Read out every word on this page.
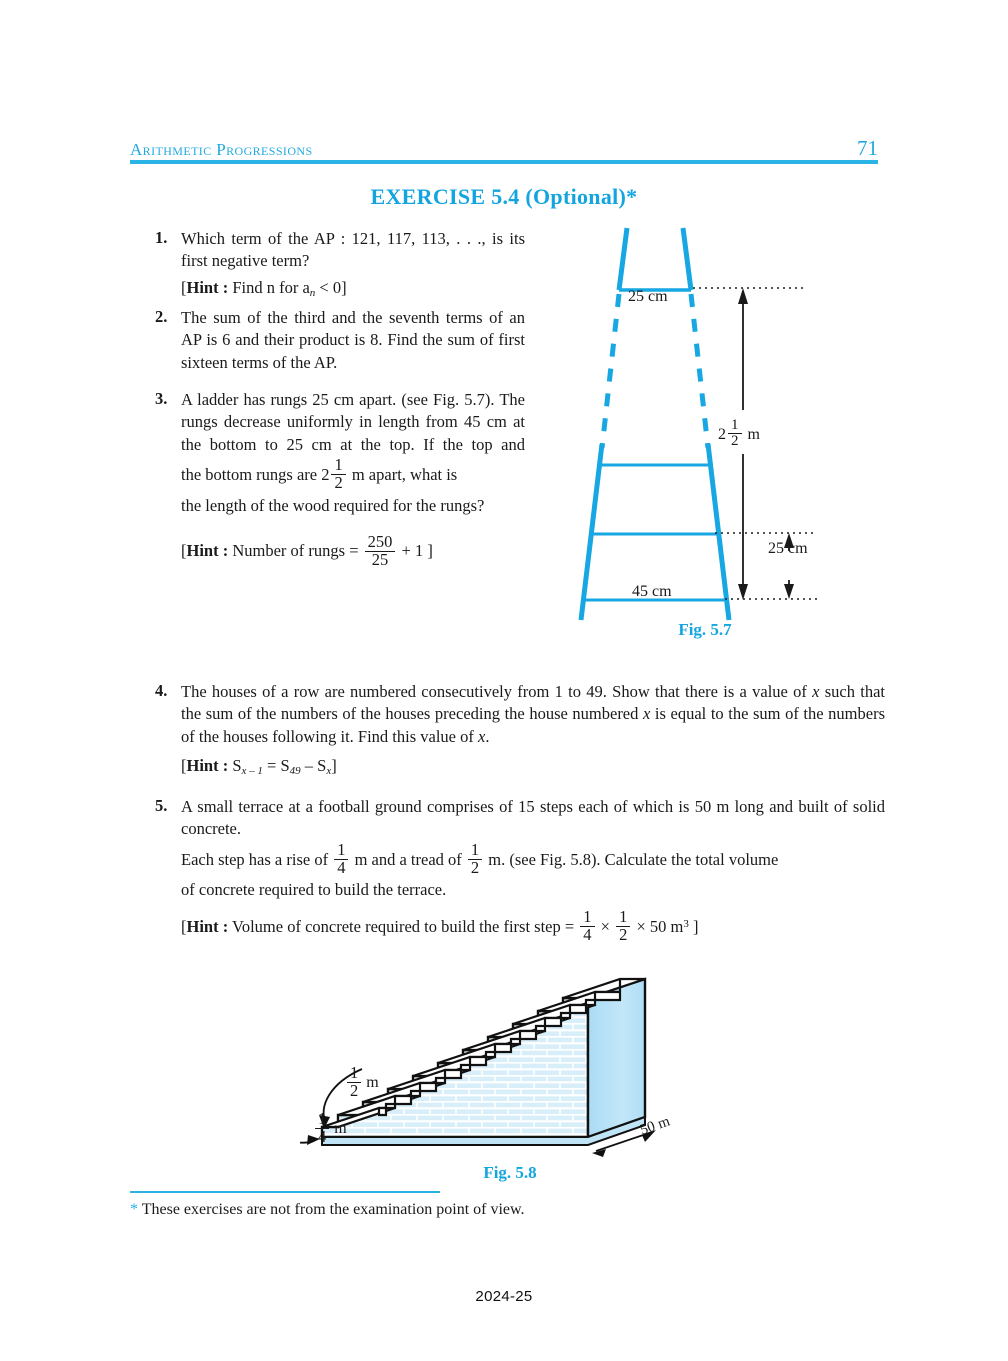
Arithmetic Progressions	71
EXERCISE 5.4 (Optional)*
1. Which term of the AP : 121, 117, 113, . . ., is its first negative term?
[Hint : Find n for $a_n < 0$]
2. The sum of the third and the seventh terms of an AP is 6 and their product is 8. Find the sum of first sixteen terms of the AP.
3. A ladder has rungs 25 cm apart. (see Fig. 5.7). The rungs decrease uniformly in length from 45 cm at the bottom to 25 cm at the top. If the top and
the bottom rungs are $2 \frac{1}{2}$ m apart, what is
the length of the wood required for the rungs?
[Hint : Number of rungs = $\frac{250}{25} + 1$ ]
25 cm
45 cm
25 cm
$2 \frac{1}{2}$ m
Fig. 5.7
4. The houses of a row are numbered consecutively from 1 to 49. Show that there is a value of x such that the sum of the numbers of the houses preceding the house numbered x is equal to the sum of the numbers of the houses following it. Find this value of x.
[Hint : $S_{x - 1} = S_{49} - S_x$]
5. A small terrace at a football ground comprises of 15 steps each of which is 50 m long and built of solid concrete.
Each step has a rise of $\frac{1}{4}$ m and a tread of $\frac{1}{2} m$. (see Fig. 5.8). Calculate the total volume
of concrete required to build the terrace.
[Hint : Volume of concrete required to build the first step = $\frac{1}{4} \times \frac{1}{2} \times 50$ $m^3$ ]
$\frac{1}{2}$ m
$\frac{1}{4}$ m	50 m
Fig. 5.8
* These exercises are not from the examination point of view.
2024-25
